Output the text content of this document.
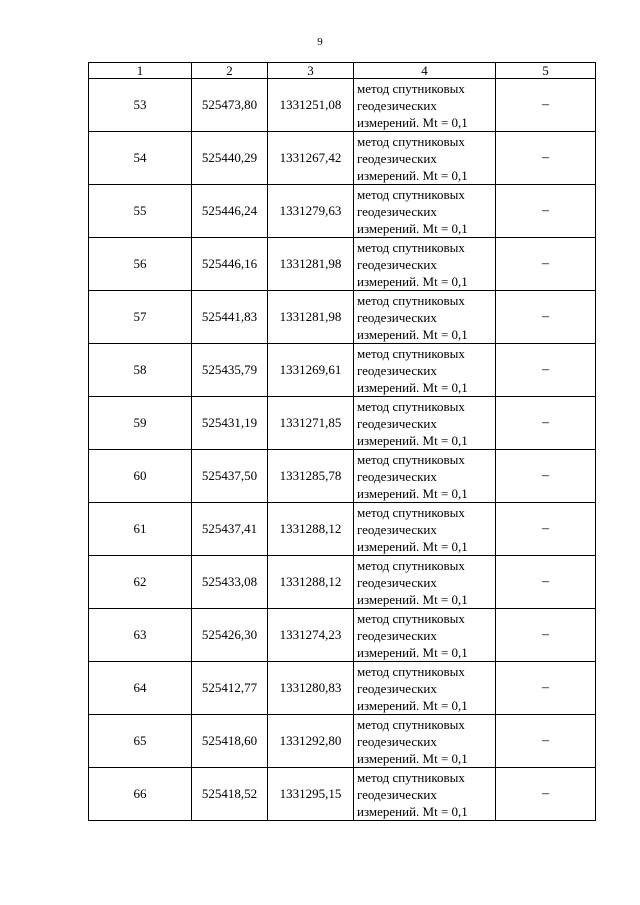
9
1	2	3	4	5
53	525473,80	1331251,08	метод спутниковых геодезических измерений. Mt = 0,1	–
54	525440,29	1331267,42	метод спутниковых геодезических измерений. Mt = 0,1	–
55	525446,24	1331279,63	метод спутниковых геодезических измерений. Mt = 0,1	–
56	525446,16	1331281,98	метод спутниковых геодезических измерений. Mt = 0,1	–
57	525441,83	1331281,98	метод спутниковых геодезических измерений. Mt = 0,1	–
58	525435,79	1331269,61	метод спутниковых геодезических измерений. Mt = 0,1	–
59	525431,19	1331271,85	метод спутниковых геодезических измерений. Mt = 0,1	–
60	525437,50	1331285,78	метод спутниковых геодезических измерений. Mt = 0,1	–
61	525437,41	1331288,12	метод спутниковых геодезических измерений. Mt = 0,1	–
62	525433,08	1331288,12	метод спутниковых геодезических измерений. Mt = 0,1	–
63	525426,30	1331274,23	метод спутниковых геодезических измерений. Mt = 0,1	–
64	525412,77	1331280,83	метод спутниковых геодезических измерений. Mt = 0,1	–
65	525418,60	1331292,80	метод спутниковых геодезических измерений. Mt = 0,1	–
66	525418,52	1331295,15	метод спутниковых геодезических измерений. Mt = 0,1	–
